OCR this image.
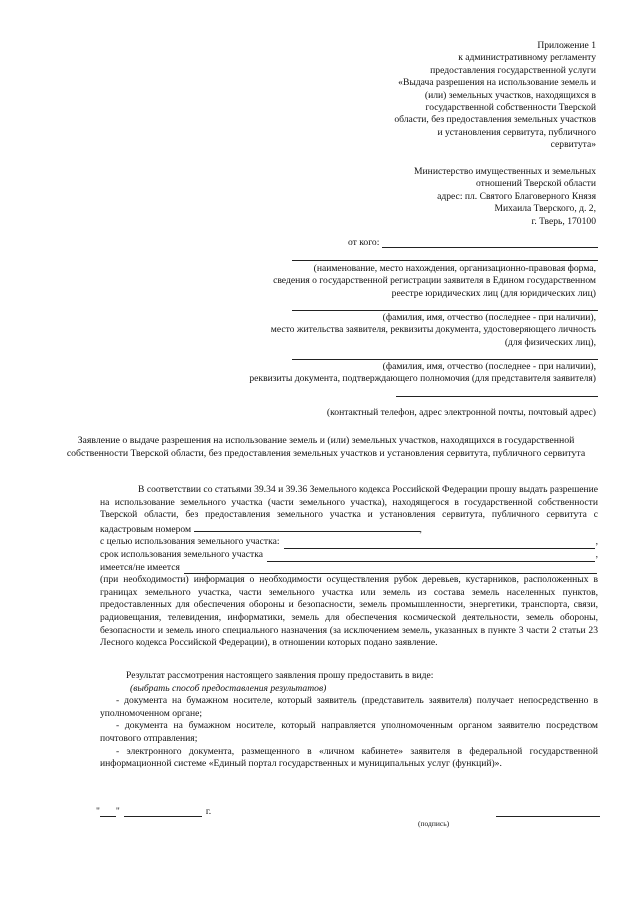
Приложение 1
к административному регламенту
предоставления государственной услуги
«Выдача разрешения на использование земель и
(или) земельных участков, находящихся в
государственной собственности Тверской
области, без предоставления земельных участков
и установления сервитута, публичного
сервитута»
Министерство имущественных и земельных
отношений Тверской области
адрес: пл. Святого Благоверного Князя
Михаила Тверского, д. 2,
г. Тверь, 170100
от кого:
(наименование, место нахождения, организационно-правовая форма,
сведения о государственной регистрации заявителя в Едином государственном
реестре юридических лиц (для юридических лиц)
(фамилия, имя, отчество (последнее - при наличии),
место жительства заявителя, реквизиты документа, удостоверяющего личность
(для физических лиц),
(фамилия, имя, отчество (последнее - при наличии),
реквизиты документа, подтверждающего полномочия (для представителя заявителя)
(контактный телефон, адрес электронной почты, почтовый адрес)
Заявление о выдаче разрешения на использование земель и (или) земельных участков, находящихся в государственной собственности Тверской области, без предоставления земельных участков и установления сервитута, публичного сервитута
В соответствии со статьями 39.34 и 39.36 Земельного кодекса Российской Федерации прошу выдать разрешение на использование земельного участка (части земельного участка), находящегося в государственной собственности Тверской области, без предоставления земельного участка и установления сервитута, публичного сервитута с кадастровым номером	,
с целью использования земельного участка:	,
срок использования земельного участка	,
имеется/не имеется
(при необходимости) информация о необходимости осуществления рубок деревьев, кустарников, расположенных в границах земельного участка, части земельного участка или земель из состава земель населенных пунктов, предоставленных для обеспечения обороны и безопасности, земель промышленности, энергетики, транспорта, связи, радиовещания, телевидения, информатики, земель для обеспечения космической деятельности, земель обороны, безопасности и земель иного специального назначения (за исключением земель, указанных в пункте 3 части 2 статьи 23 Лесного кодекса Российской Федерации), в отношении которых подано заявление.
Результат рассмотрения настоящего заявления прошу предоставить в виде:
(выбрать способ предоставления результатов)
- документа на бумажном носителе, который заявитель (представитель заявителя) получает непосредственно в уполномоченном органе;
- документа на бумажном носителе, который направляется уполномоченным органом заявителю посредством почтового отправления;
- электронного документа, размещенного в «личном кабинете» заявителя в федеральной государственной информационной системе «Единый портал государственных и муниципальных услуг (функций)».
" "	г.
(подпись)
